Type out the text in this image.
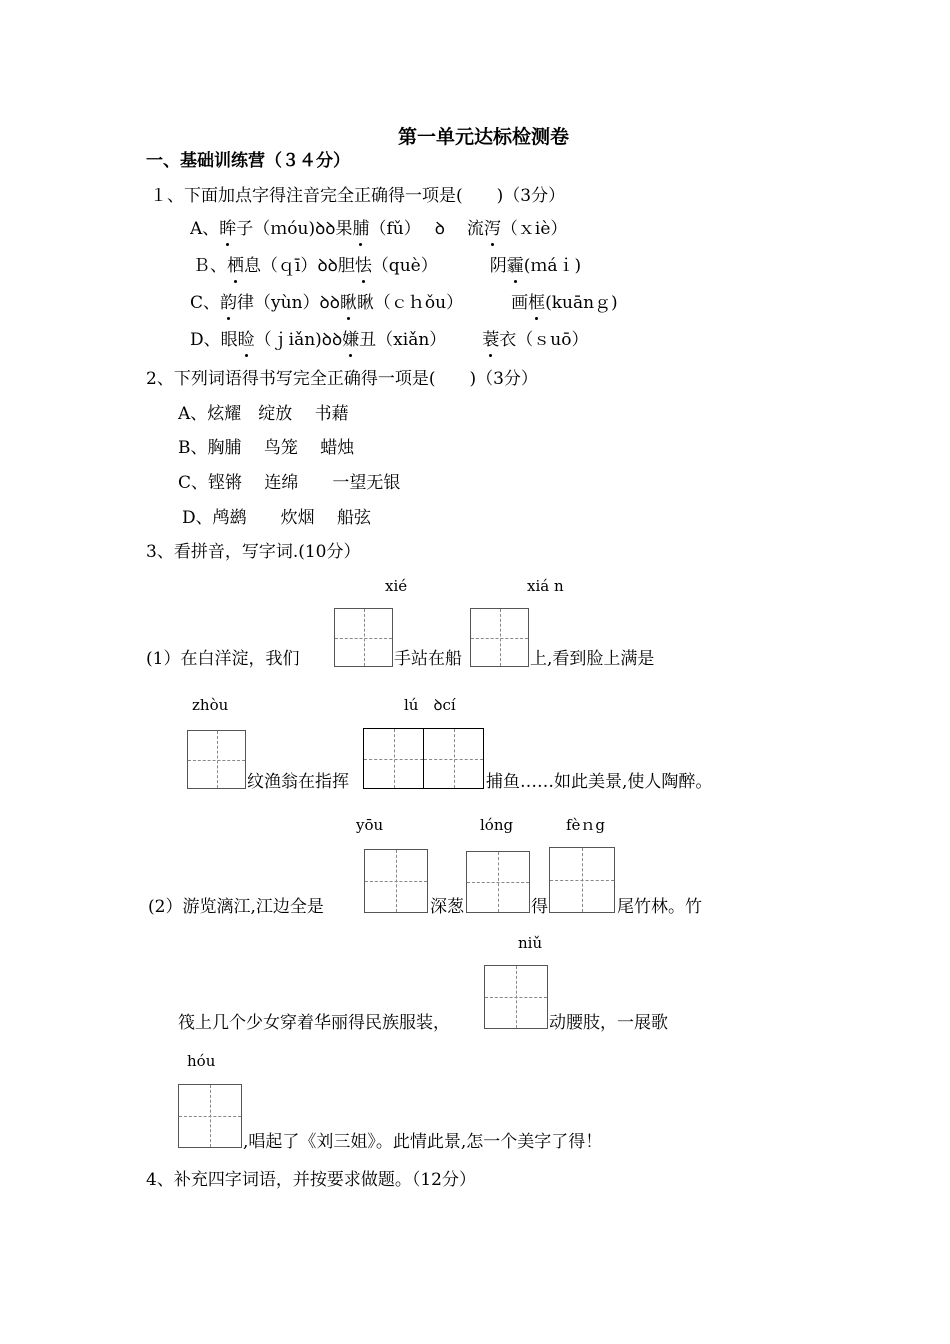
第一单元达标检测卷
一、基础训练营（３４分）
１、下面加点字得注音完全正确得一项是(　　)（3分）
A、眸子（ｍóu)ꝺꝺ果脯（fǔ） ꝺ 流泻（ｘiè）
Ｂ、栖息（ｑī）ꝺꝺ胆怯（què）	阴霾(ｍáｉ)
C、韵律（yùn）ꝺꝺ瞅瞅（ｃｈǒu）	画框(kuānｇ)
D、眼睑（ｊiǎn)ꝺꝺ嫌丑（xiǎn） 蓑衣（ｓuō）
2、下列词语得书写完全正确得一项是(　　)（3分）
A、炫耀　绽放　 书藉
B、胸脯　 鸟笼　 蜡烛
C、铿锵　 连绵　　一望无银
D、鸬鹚　　炊烟　 船弦
3、看拼音，写字词.(10分）
xié	xiá n
(1）在白洋淀，我们	手站在船	上,看到脸上满是
zhòu	lú　ꝺcí
纹渔翁在指挥	捕鱼……如此美景,使人陶醉。
yōu	lóng	fèｎg
(2）游览漓江,江边全是	深葱	得	尾竹林。竹
niǔ
筏上几个少女穿着华丽得民族服装，	动腰肢，一展歌
hóu
,唱起了《刘三姐》。此情此景,怎一个美字了得！
4、补充四字词语，并按要求做题。（12分）
